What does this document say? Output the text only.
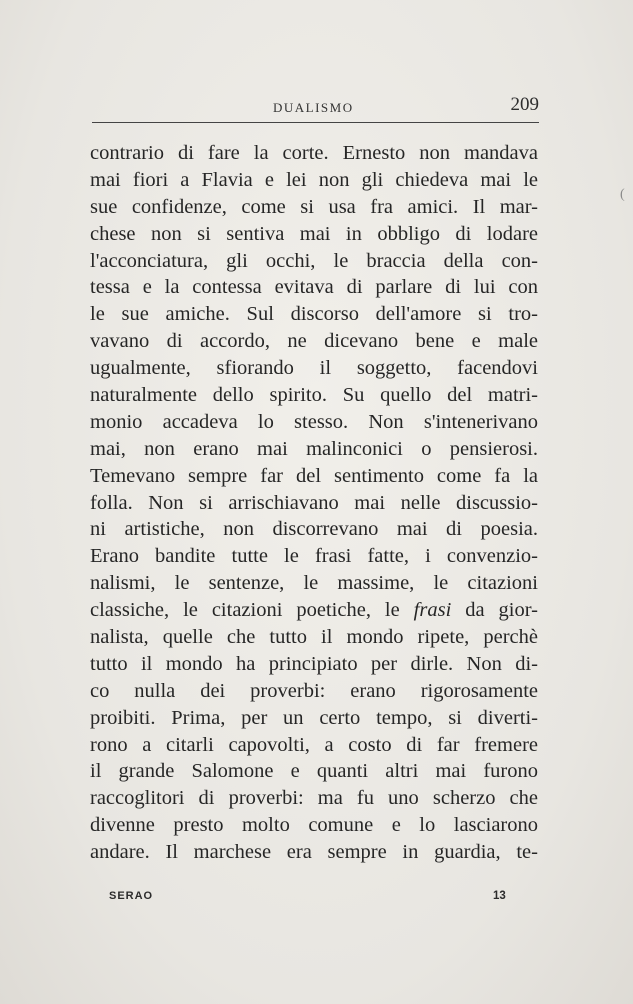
DUALISMO	209
contrario di fare la corte. Ernesto non mandava
mai fiori a Flavia e lei non gli chiedeva mai le
sue confidenze, come si usa fra amici. Il mar-
chese non si sentiva mai in obbligo di lodare
l'acconciatura, gli occhi, le braccia della con-
tessa e la contessa evitava di parlare di lui con
le sue amiche. Sul discorso dell'amore si tro-
vavano di accordo, ne dicevano bene e male
ugualmente, sfiorando il soggetto, facendovi
naturalmente dello spirito. Su quello del matri-
monio accadeva lo stesso. Non s'intenerivano
mai, non erano mai malinconici o pensierosi.
Temevano sempre far del sentimento come fa la
folla. Non si arrischiavano mai nelle discussio-
ni artistiche, non discorrevano mai di poesia.
Erano bandite tutte le frasi fatte, i convenzio-
nalismi, le sentenze, le massime, le citazioni
classiche, le citazioni poetiche, le frasi da gior-
nalista, quelle che tutto il mondo ripete, perchè
tutto il mondo ha principiato per dirle. Non di-
co nulla dei proverbi: erano rigorosamente
proibiti. Prima, per un certo tempo, si diverti-
rono a citarli capovolti, a costo di far fremere
il grande Salomone e quanti altri mai furono
raccoglitori di proverbi: ma fu uno scherzo che
divenne presto molto comune e lo lasciarono
andare. Il marchese era sempre in guardia, te-
(
SERAO	13
